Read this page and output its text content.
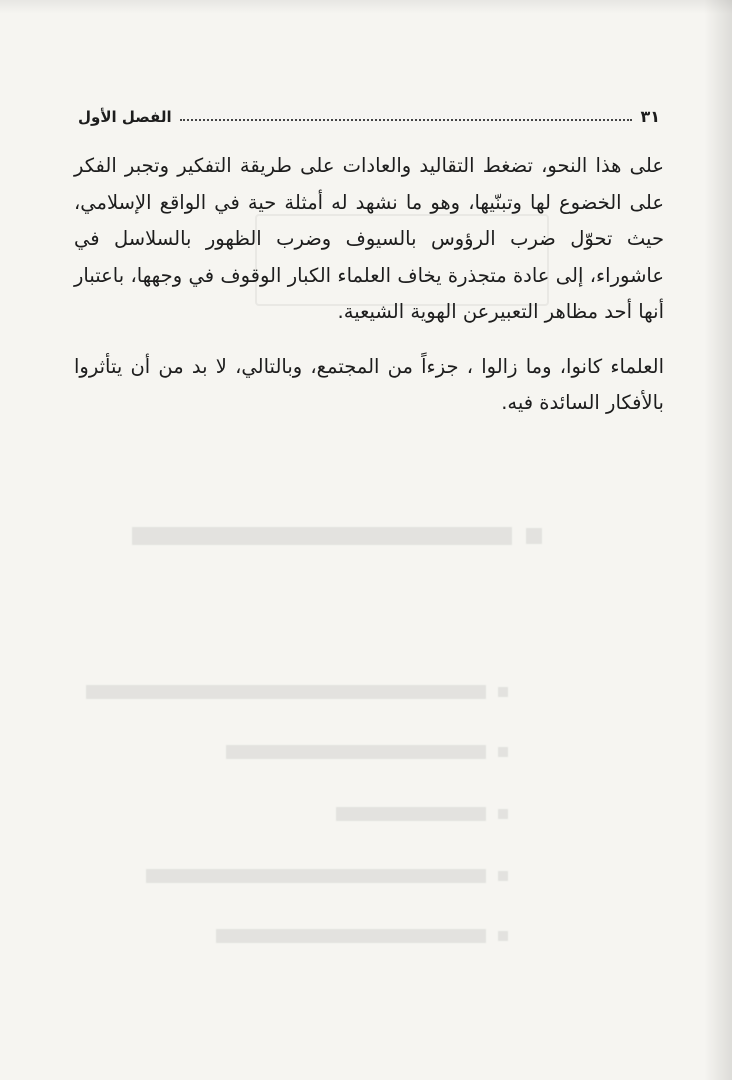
٣١
الفصل الأول

على هذا النحو، تضغط التقاليد والعادات على طريقة التفكير وتجبر الفكر على الخضوع لها وتبنّيها، وهو ما نشهد له أمثلة حية في الواقع الإسلامي، حيث تحوّل ضرب الرؤوس بالسيوف وضرب الظهور بالسلاسل في عاشوراء، إلى عادة متجذرة يخاف العلماء الكبار الوقوف في وجهها، باعتبار أنها أحد مظاهر التعبيرعن الهوية الشيعية.

العلماء كانوا، وما زالوا ، جزءاً من المجتمع، وبالتالي، لا بد من أن يتأثروا بالأفكار السائدة فيه.
